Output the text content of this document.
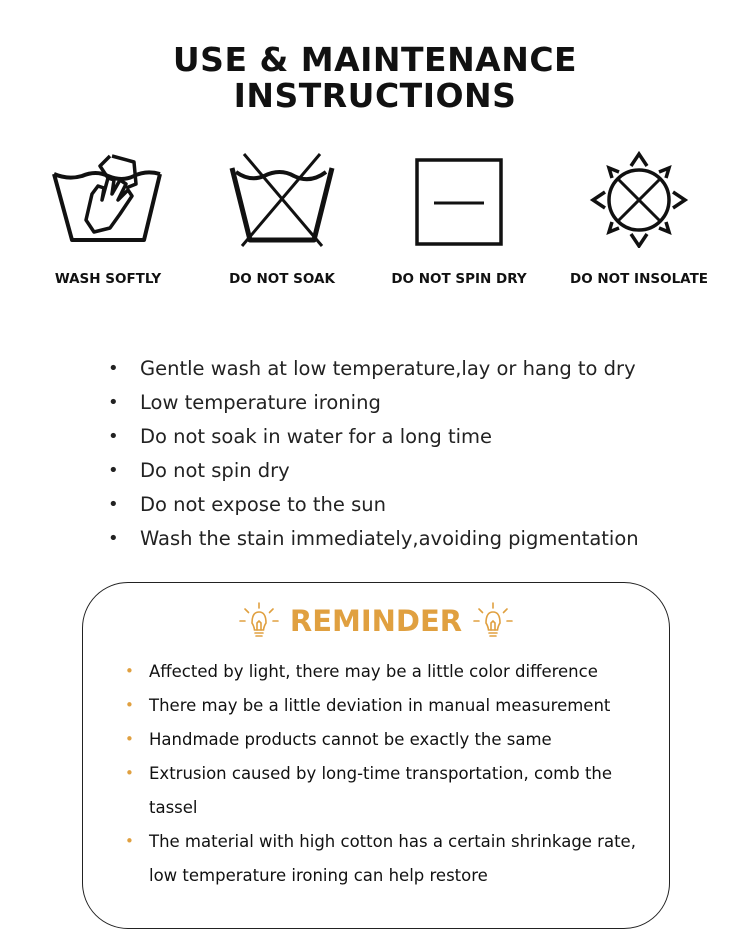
USE & MAINTENANCE
INSTRUCTIONS
WASH SOFTLY	DO NOT SOAK	DO NOT SPIN DRY	DO NOT INSOLATE
• Gentle wash at low temperature,lay or hang to dry
• Low temperature ironing
• Do not soak in water for a long time
• Do not spin dry
• Do not expose to the sun
• Wash the stain immediately,avoiding pigmentation
REMINDER
• Affected by light, there may be a little color difference
• There may be a little deviation in manual measurement
• Handmade products cannot be exactly the same
• Extrusion caused by long-time transportation, comb the tassel
• The material with high cotton has a certain shrinkage rate, low temperature ironing can help restore
